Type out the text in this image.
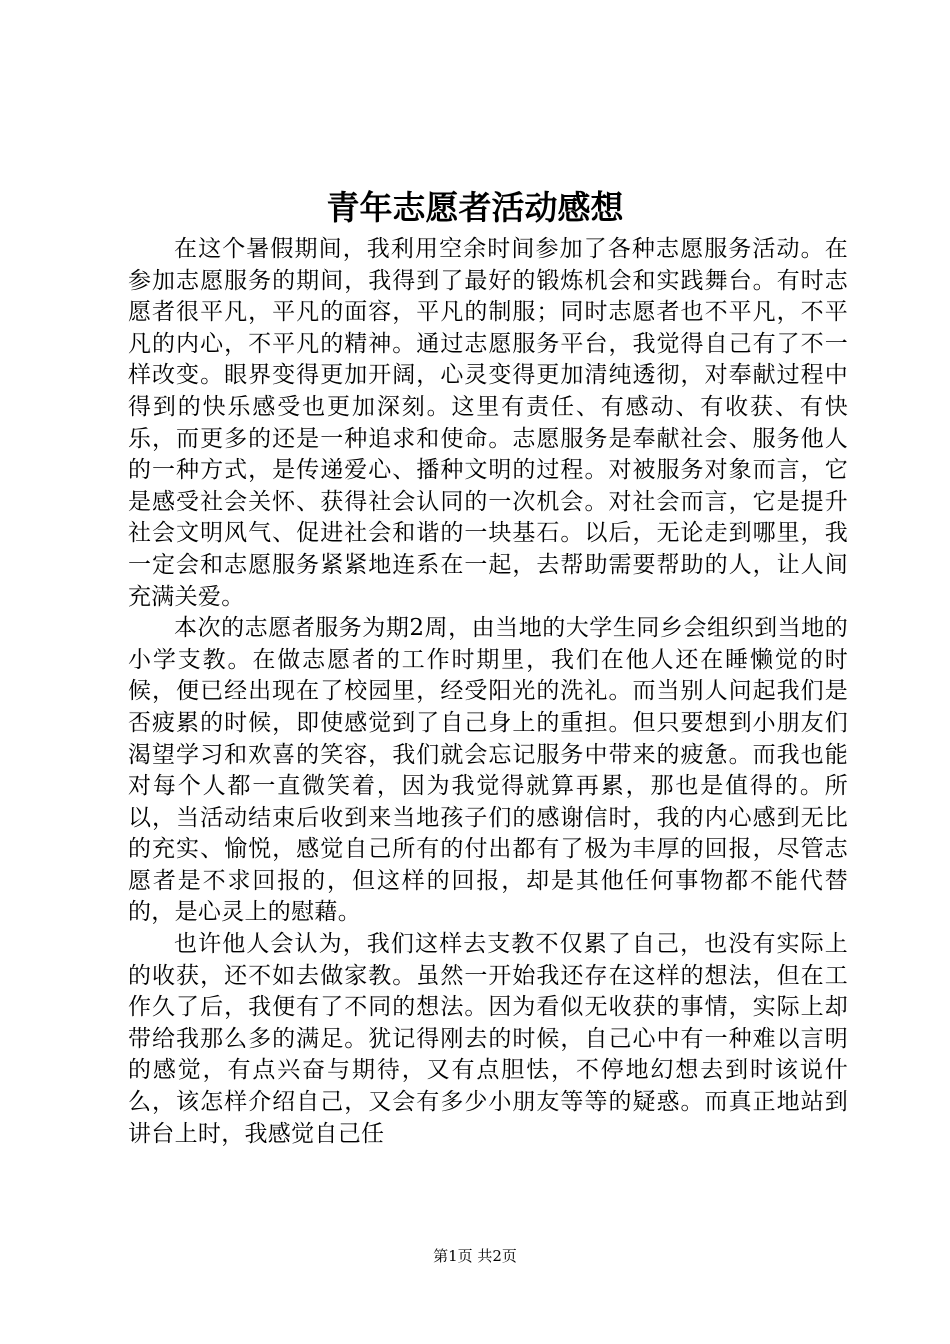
青年志愿者活动感想

在这个暑假期间，我利用空余时间参加了各种志愿服务活动。在参加志愿服务的期间，我得到了最好的锻炼机会和实践舞台。有时志愿者很平凡，平凡的面容，平凡的制服；同时志愿者也不平凡，不平凡的内心，不平凡的精神。通过志愿服务平台，我觉得自己有了不一样改变。眼界变得更加开阔，心灵变得更加清纯透彻，对奉献过程中得到的快乐感受也更加深刻。这里有责任、有感动、有收获、有快乐，而更多的还是一种追求和使命。志愿服务是奉献社会、服务他人的一种方式，是传递爱心、播种文明的过程。对被服务对象而言，它是感受社会关怀、获得社会认同的一次机会。对社会而言，它是提升社会文明风气、促进社会和谐的一块基石。以后，无论走到哪里，我一定会和志愿服务紧紧地连系在一起，去帮助需要帮助的人，让人间充满关爱。

本次的志愿者服务为期2周，由当地的大学生同乡会组织到当地的小学支教。在做志愿者的工作时期里，我们在他人还在睡懒觉的时候，便已经出现在了校园里，经受阳光的洗礼。而当别人问起我们是否疲累的时候，即使感觉到了自己身上的重担。但只要想到小朋友们渴望学习和欢喜的笑容，我们就会忘记服务中带来的疲惫。而我也能对每个人都一直微笑着，因为我觉得就算再累，那也是值得的。所以，当活动结束后收到来当地孩子们的感谢信时，我的内心感到无比的充实、愉悦，感觉自己所有的付出都有了极为丰厚的回报，尽管志愿者是不求回报的，但这样的回报，却是其他任何事物都不能代替的，是心灵上的慰藉。

也许他人会认为，我们这样去支教不仅累了自己，也没有实际上的收获，还不如去做家教。虽然一开始我还存在这样的想法，但在工作久了后，我便有了不同的想法。因为看似无收获的事情，实际上却带给我那么多的满足。犹记得刚去的时候，自己心中有一种难以言明的感觉，有点兴奋与期待，又有点胆怯，不停地幻想去到时该说什么，该怎样介绍自己，又会有多少小朋友等等的疑惑。而真正地站到讲台上时，我感觉自己任

第1页 共2页
